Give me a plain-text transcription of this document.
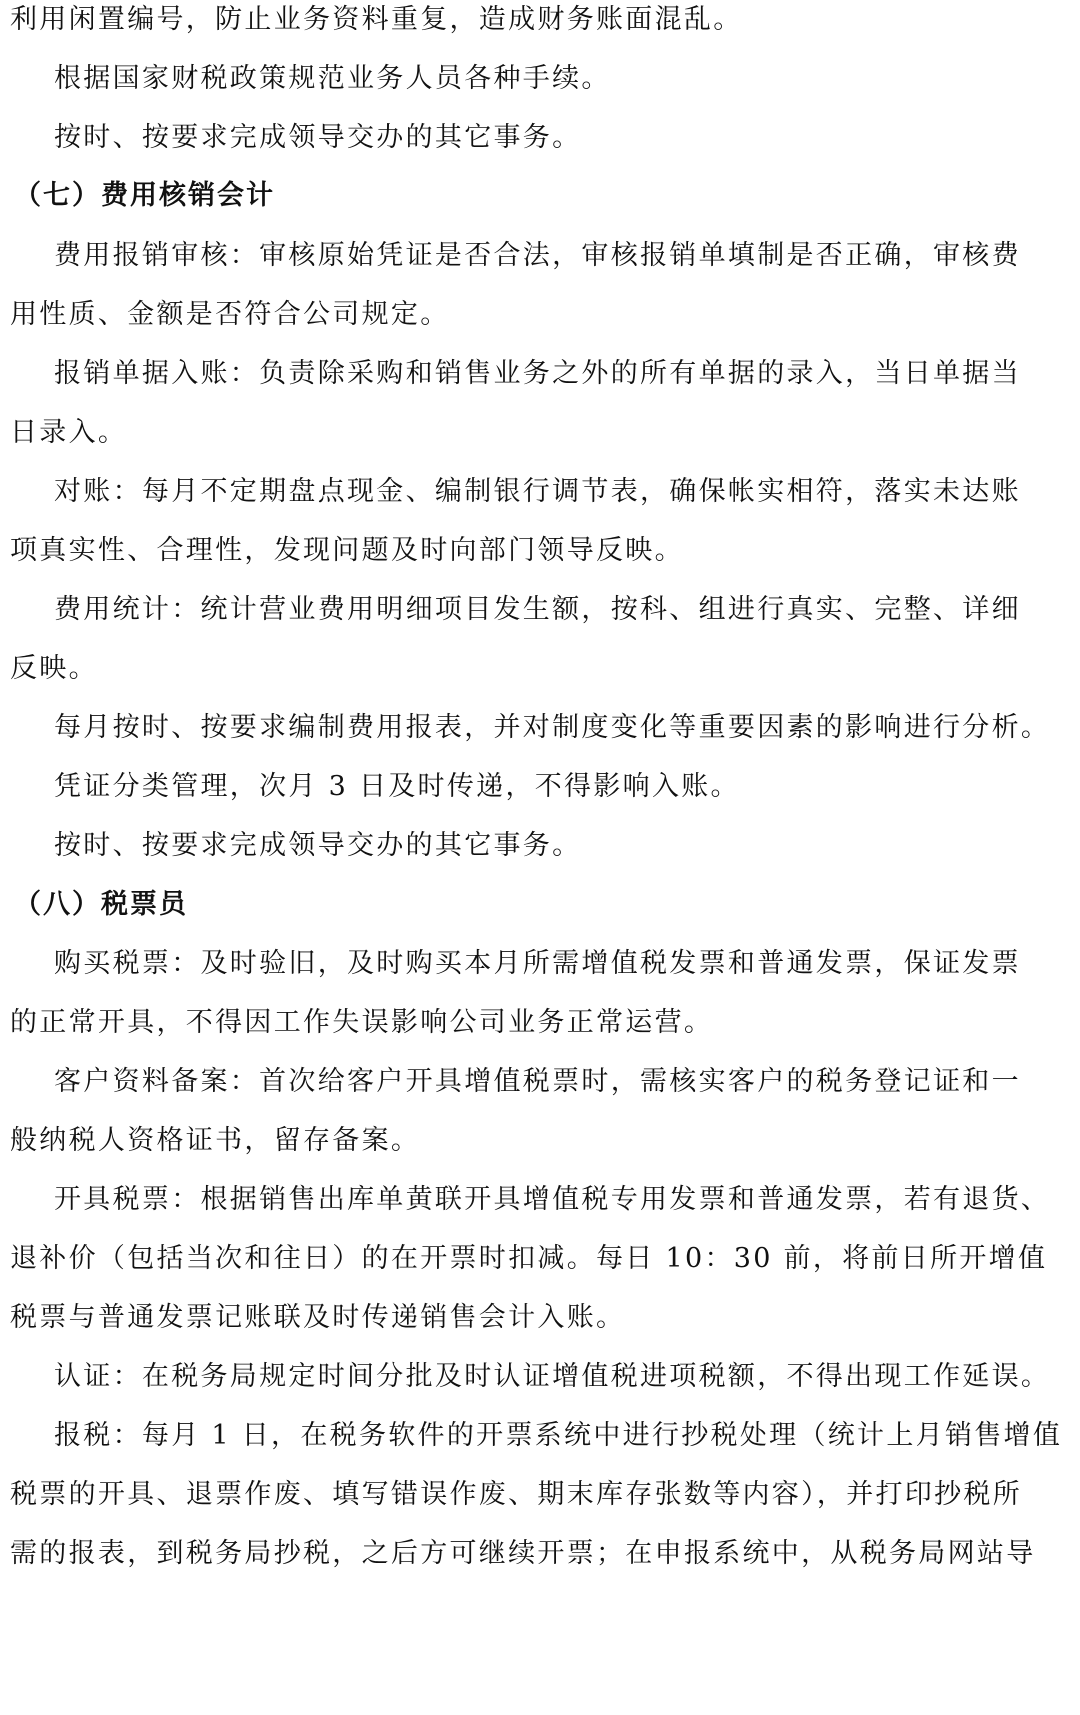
利用闲置编号，防止业务资料重复，造成财务账面混乱。
根据国家财税政策规范业务人员各种手续。
按时、按要求完成领导交办的其它事务。
（七）费用核销会计
费用报销审核：审核原始凭证是否合法，审核报销单填制是否正确，审核费
用性质、金额是否符合公司规定。
报销单据入账：负责除采购和销售业务之外的所有单据的录入，当日单据当
日录入。
对账：每月不定期盘点现金、编制银行调节表，确保帐实相符，落实未达账
项真实性、合理性，发现问题及时向部门领导反映。
费用统计：统计营业费用明细项目发生额，按科、组进行真实、完整、详细
反映。
每月按时、按要求编制费用报表，并对制度变化等重要因素的影响进行分析。
凭证分类管理，次月 3 日及时传递，不得影响入账。
按时、按要求完成领导交办的其它事务。
（八）税票员
购买税票：及时验旧，及时购买本月所需增值税发票和普通发票，保证发票
的正常开具，不得因工作失误影响公司业务正常运营。
客户资料备案：首次给客户开具增值税票时，需核实客户的税务登记证和一
般纳税人资格证书，留存备案。
开具税票：根据销售出库单黄联开具增值税专用发票和普通发票，若有退货、
退补价（包括当次和往日）的在开票时扣减。每日 10：30 前，将前日所开增值
税票与普通发票记账联及时传递销售会计入账。
认证：在税务局规定时间分批及时认证增值税进项税额，不得出现工作延误。
报税：每月 1 日，在税务软件的开票系统中进行抄税处理（统计上月销售增值
税票的开具、退票作废、填写错误作废、期末库存张数等内容），并打印抄税所
需的报表，到税务局抄税，之后方可继续开票；在申报系统中，从税务局网站导
